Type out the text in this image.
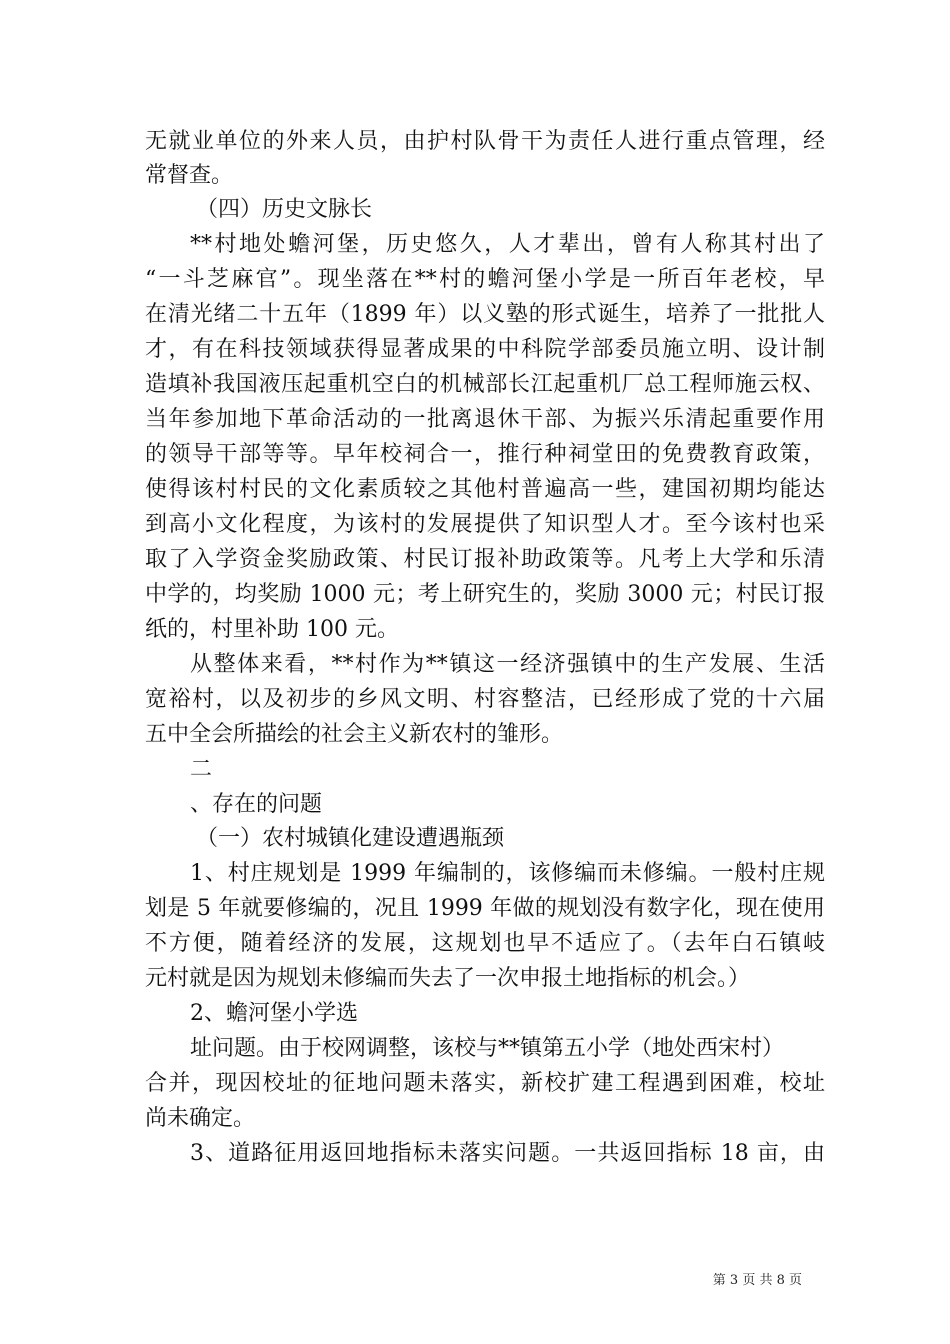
无就业单位的外来人员，由护村队骨干为责任人进行重点管理，经
常督查。
（四）历史文脉长
**村地处蟾河堡，历史悠久，人才辈出，曾有人称其村出了
“一斗芝麻官”。现坐落在**村的蟾河堡小学是一所百年老校，早
在清光绪二十五年（1899 年）以义塾的形式诞生，培养了一批批人
才，有在科技领域获得显著成果的中科院学部委员施立明、设计制
造填补我国液压起重机空白的机械部长江起重机厂总工程师施云权、
当年参加地下革命活动的一批离退休干部、为振兴乐清起重要作用
的领导干部等等。早年校祠合一，推行种祠堂田的免费教育政策，
使得该村村民的文化素质较之其他村普遍高一些，建国初期均能达
到高小文化程度，为该村的发展提供了知识型人才。至今该村也采
取了入学资金奖励政策、村民订报补助政策等。凡考上大学和乐清
中学的，均奖励 1000 元；考上研究生的，奖励 3000 元；村民订报
纸的，村里补助 100 元。
从整体来看，**村作为**镇这一经济强镇中的生产发展、生活
宽裕村，以及初步的乡风文明、村容整洁，已经形成了党的十六届
五中全会所描绘的社会主义新农村的雏形。
二
、存在的问题
（一）农村城镇化建设遭遇瓶颈
1、村庄规划是 1999 年编制的，该修编而未修编。一般村庄规
划是 5 年就要修编的，况且 1999 年做的规划没有数字化，现在使用
不方便，随着经济的发展，这规划也早不适应了。（去年白石镇岐
元村就是因为规划未修编而失去了一次申报土地指标的机会。）
2、蟾河堡小学选
址问题。由于校网调整，该校与**镇第五小学（地处西宋村）
合并，现因校址的征地问题未落实，新校扩建工程遇到困难，校址
尚未确定。
3、道路征用返回地指标未落实问题。一共返回指标 18 亩，由
第 3 页 共 8 页
